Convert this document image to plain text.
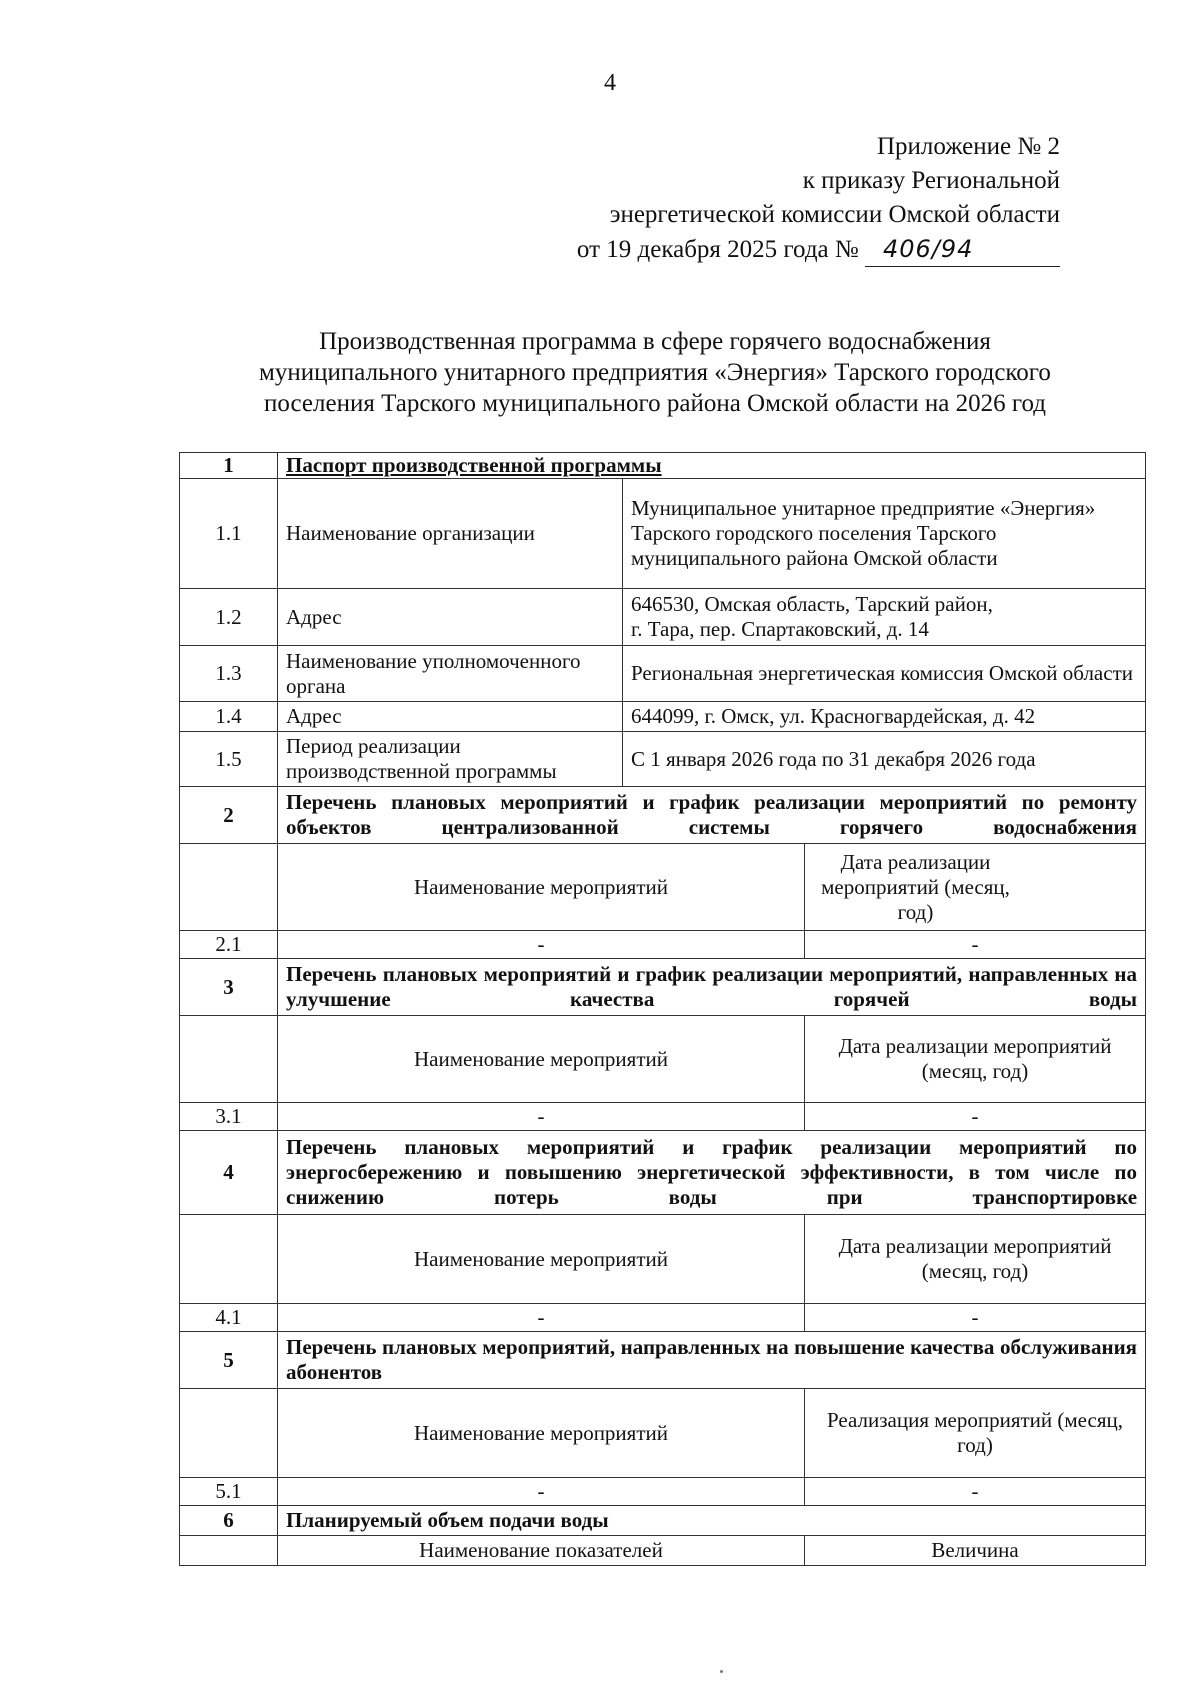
4
Приложение № 2
к приказу Региональной
энергетической комиссии Омской области
от 19 декабря 2025 года № 406/94
Производственная программа в сфере горячего водоснабжения
муниципального унитарного предприятия «Энергия» Тарского городского
поселения Тарского муниципального района Омской области на 2026 год
1	Паспорт производственной программы		
1.1	Наименование организации	Муниципальное унитарное предприятие «Энергия» Тарского городского поселения Тарского муниципального района Омской области	
1.2	Адрес	646530, Омская область, Тарский район,
г. Тара, пер. Спартаковский, д. 14	

1.3	Наименование уполномоченного органа	Региональная энергетическая комиссия Омской области	
1.4	Адрес	644099, г. Омск, ул. Красногвардейская, д. 42	
1.5	Период реализации производственной программы	С 1 января 2026 года по 31 декабря 2026 года	
2	Перечень плановых мероприятий и график реализации мероприятий по ремонту объектов централизованной системы горячего водоснабжения		
	Наименование мероприятий		Дата реализации мероприятий (месяц, год)
2.1	-		-
3	Перечень плановых мероприятий и график реализации мероприятий, направленных на улучшение качества горячей воды		
	Наименование мероприятий		Дата реализации мероприятий (месяц, год)
3.1	-		-
4	Перечень плановых мероприятий и график реализации мероприятий по энергосбережению и повышению энергетической эффективности, в том числе по снижению потерь воды при транспортировке		
	Наименование мероприятий		Дата реализации мероприятий (месяц, год)
4.1	-		-
5	Перечень плановых мероприятий, направленных на повышение качества обслуживания абонентов		
	Наименование мероприятий		Реализация мероприятий (месяц, год)
5.1	-		-
6	Планируемый объем подачи воды		
	Наименование показателей		Величина
